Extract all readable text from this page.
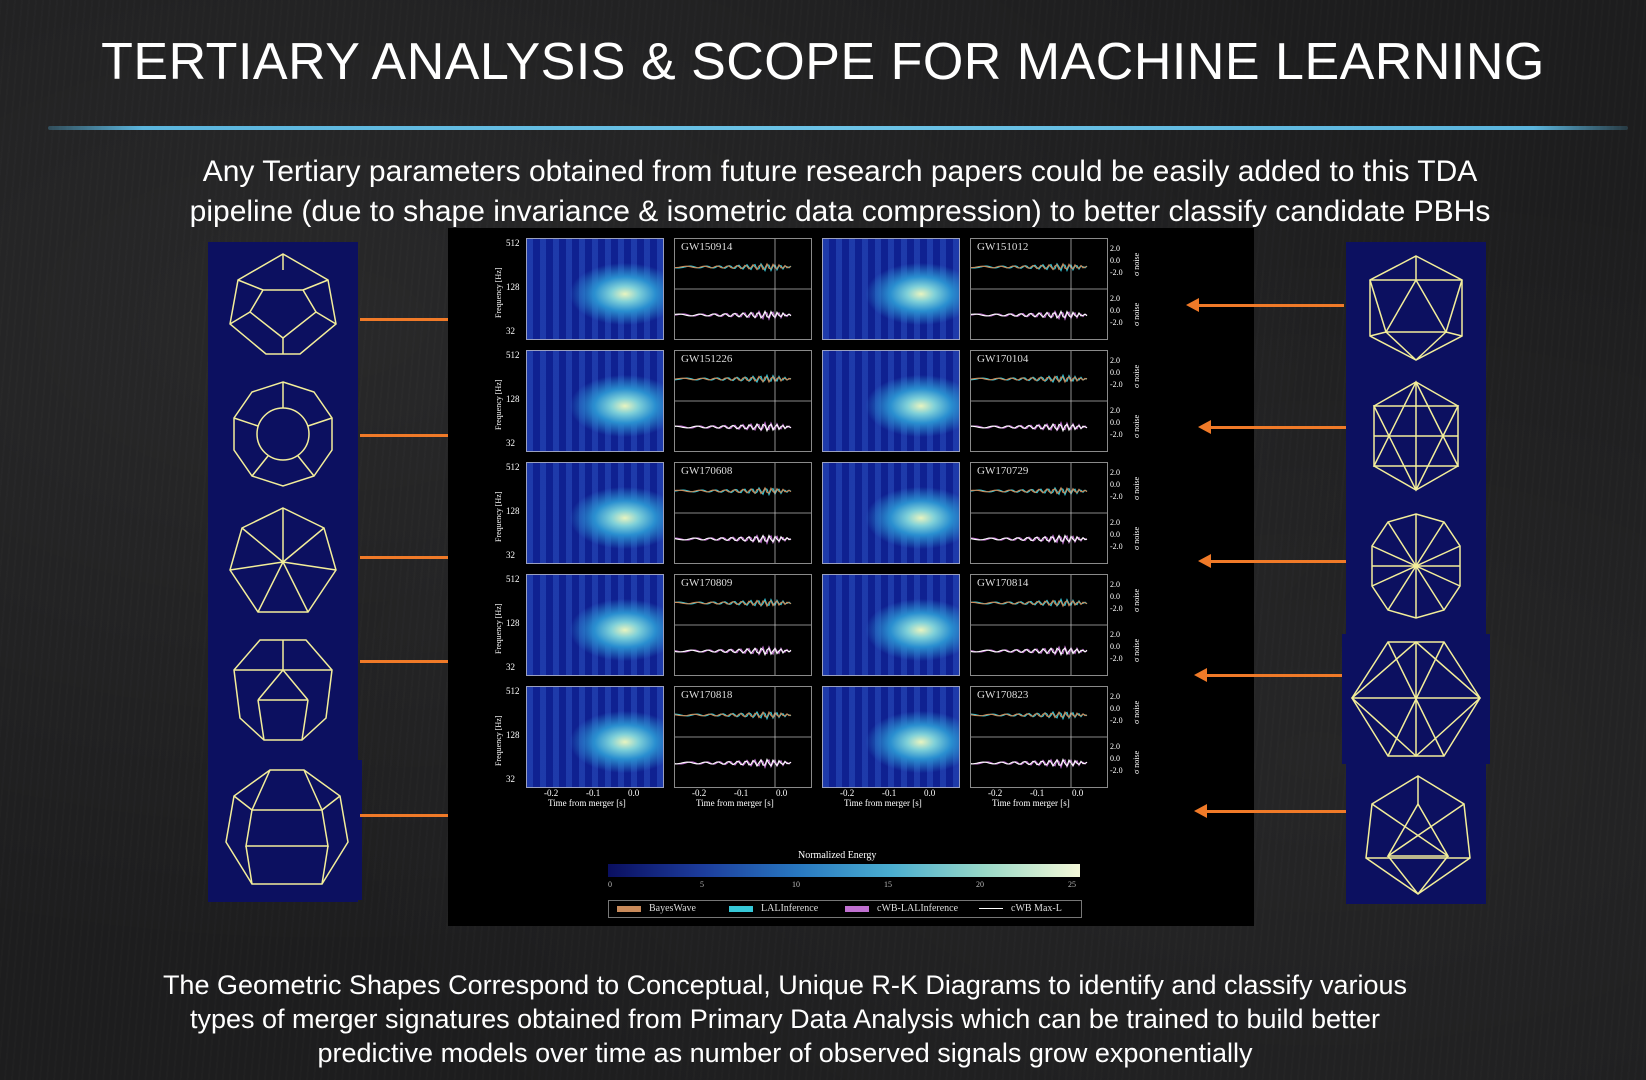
TERTIARY ANALYSIS & SCOPE FOR MACHINE LEARNING
Any Tertiary parameters obtained from future research papers could be easily added to this TDA
pipeline (due to shape invariance & isometric data compression) to better classify candidate PBHs
Normalized Energy
BayesWave	LALInference	cWB-LALInference	cWB Max-L
512
128
32
Frequency [Hz]
GW150914	GW151012	2.0
0.0
-2.0 σ noise
2.0
0.0
-2.0 σ noise
512
128
32
Frequency [Hz]
GW151226	GW170104	2.0
0.0
-2.0 σ noise
2.0
0.0
-2.0 σ noise
512
128
32
Frequency [Hz]
GW170608	GW170729	2.0
0.0
-2.0 σ noise
2.0
0.0
-2.0 σ noise
512
128
32
Frequency [Hz]
GW170809	GW170814	2.0
0.0
-2.0 σ noise
2.0
0.0
-2.0 σ noise
512
128
32
Frequency [Hz]
GW170818	GW170823	2.0
0.0
-2.0 σ noise
2.0
0.0
-2.0 σ noise
-0.2	-0.1	0.0
Time from merger [s]
-0.2	-0.1	0.0
Time from merger [s]
-0.2	-0.1	0.0
Time from merger [s]
-0.2	-0.1	0.0
Time from merger [s]
0	5	10	15	20	25
The Geometric Shapes Correspond to Conceptual, Unique R-K Diagrams to identify and classify various
types of merger signatures obtained from Primary Data Analysis which can be trained to build better
predictive models over time as number of observed signals grow exponentially
